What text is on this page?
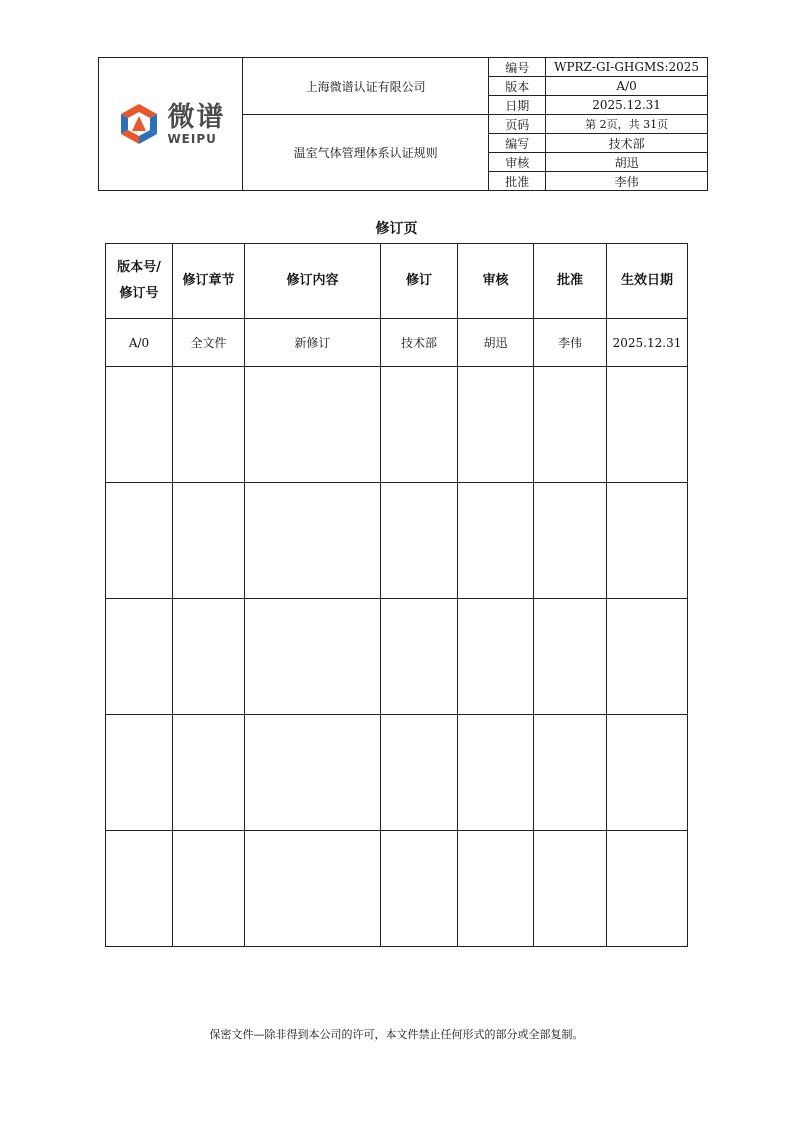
微谱
WEIPU	上海微谱认证有限公司	编号	WPRZ-GI-GHGMS:2025
		版本	A/0
		日期	2025.12.31
	温室气体管理体系认证规则	页码	第 2页，共 31页
		编写	技术部
		审核	胡迅
		批准	李伟
修订页
版本号/
修订号	修订章节	修订内容	修订	审核	批准	生效日期
A/0	全文件	新修订	技术部	胡迅	李伟	2025.12.31

保密文件—除非得到本公司的许可，本文件禁止任何形式的部分或全部复制。
